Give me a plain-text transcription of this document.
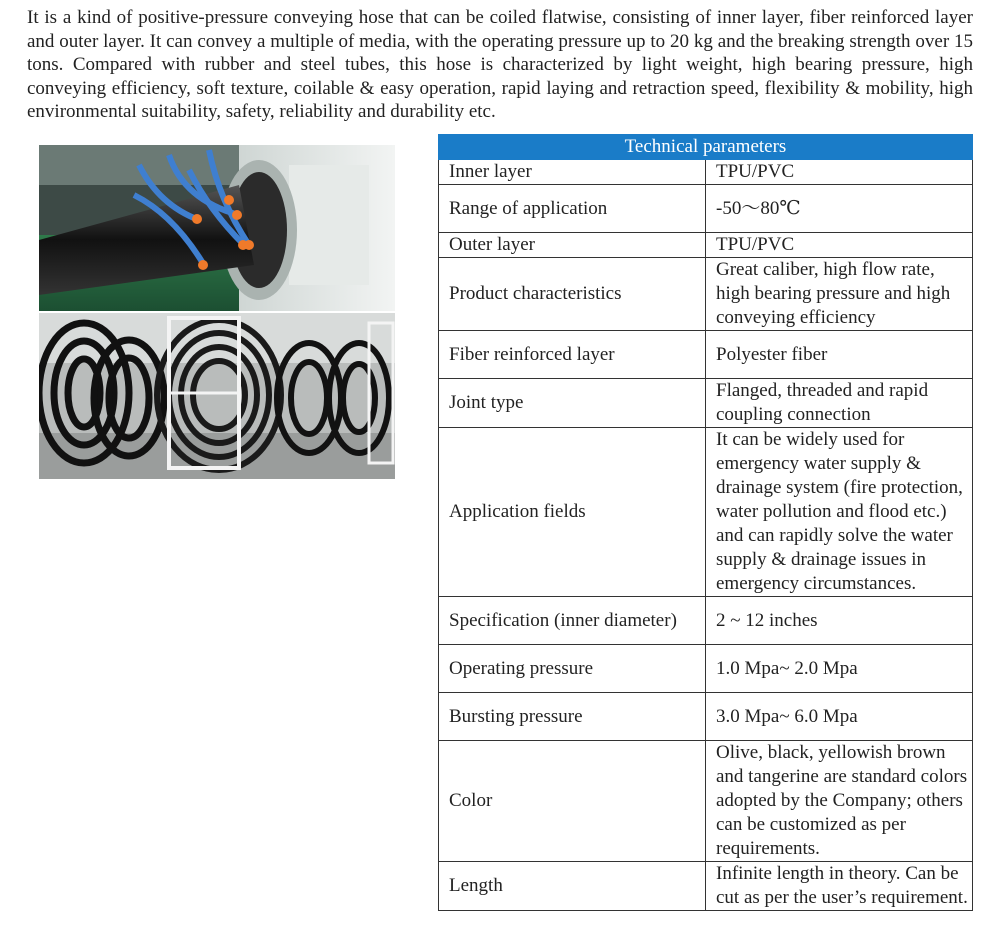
It is a kind of positive-pressure conveying hose that can be coiled flatwise, consisting of inner layer, fiber reinforced layer and outer layer. It can convey a multiple of media, with the operating pressure up to 20 kg and the breaking strength over 15 tons. Compared with rubber and steel tubes, this hose is characterized by light weight, high bearing pressure, high conveying efficiency, soft texture, coilable & easy operation, rapid laying and retraction speed, flexibility & mobility, high environmental suitability, safety, reliability and durability etc.

Technical parameters	
Inner layer	TPU/PVC
Range of application	-50～80℃
Outer layer	TPU/PVC
Product characteristics	Great caliber, high flow rate, high bearing pressure and high conveying efficiency
Fiber reinforced layer	Polyester fiber
Joint type	Flanged, threaded and rapid coupling connection
Application fields	It can be widely used for emergency water supply & drainage system (fire protection, water pollution and flood etc.) and can rapidly solve the water supply & drainage issues in emergency circumstances.
Specification (inner diameter)	2 ~ 12 inches
Operating pressure	1.0 Mpa~ 2.0 Mpa
Bursting pressure	3.0 Mpa~ 6.0 Mpa
Color	Olive, black, yellowish brown and tangerine are standard colors adopted by the Company; others can be customized as per requirements.
Length	Infinite length in theory. Can be cut as per the user’s requirement.
